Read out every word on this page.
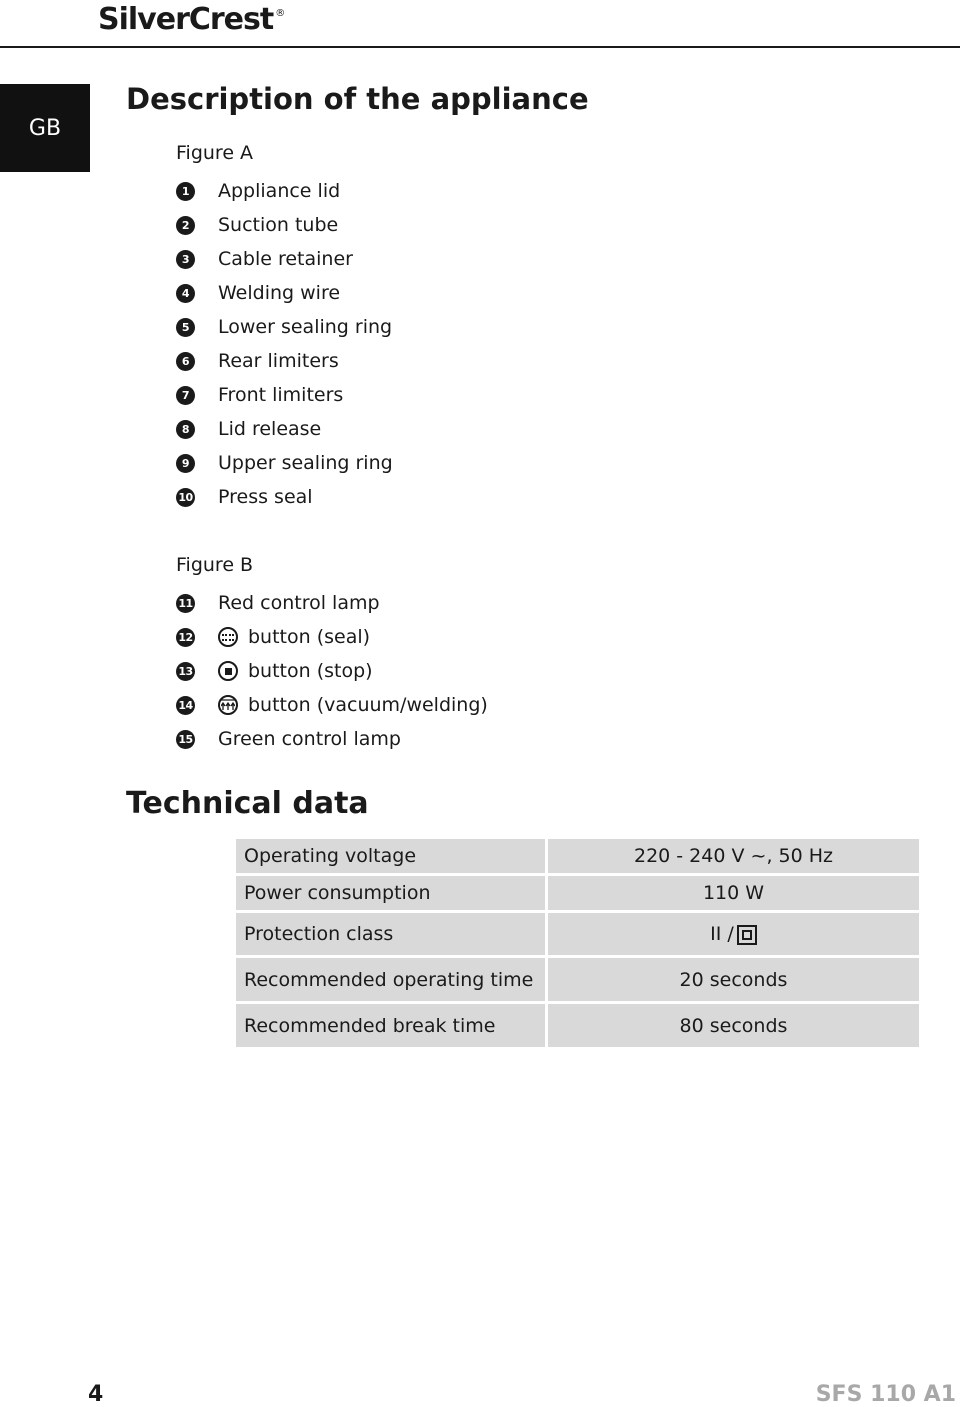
SilverCrest ®
GB
Description of the appliance
Figure A
1	Appliance lid
2	Suction tube
3	Cable retainer
4	Welding wire
5	Lower sealing ring
6	Rear limiters
7	Front limiters
8	Lid release
9	Upper sealing ring
10 Press seal
Figure B
11 Red control lamp
12	button (seal)
13	button (stop)
14	button (vacuum/welding)
15 Green control lamp
Technical data
Operating voltage	220 - 240 V ~, 50 Hz
Power consumption	110 W
Protection class	II /
Recommended operating time	20 seconds
Recommended break time	80 seconds
4	SFS 110 A1
